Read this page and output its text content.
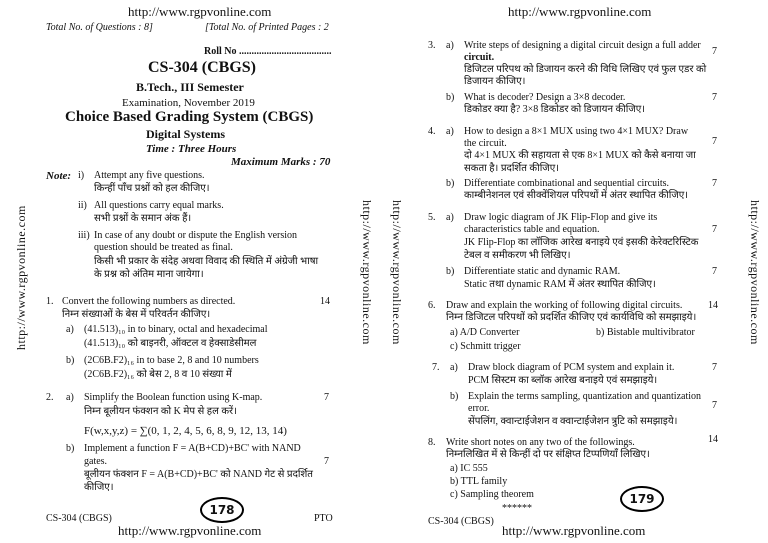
http://www.rgpvonline.com
Total No. of Questions : 8]	[Total No. of Printed Pages : 2
Roll No .....................................
CS-304 (CBGS)
B.Tech., III Semester
Examination, November 2019
Choice Based Grading System (CBGS)
Digital Systems
Time : Three Hours
Maximum Marks : 70
Note: i) Attempt any five questions.
किन्हीं पाँच प्रश्नों को हल कीजिए।
ii) All questions carry equal marks.
सभी प्रश्नों के समान अंक हैं।
iii) In case of any doubt or dispute the English version
question should be treated as final.
किसी भी प्रकार के संदेह अथवा विवाद की स्थिति में अंग्रेजी भाषा
के प्रश्न को अंतिम माना जायेगा।
1. Convert the following numbers as directed.	14
निम्न संख्याओं के बेस में परिवर्तन कीजिए।
a) (41.513)₁₀ in to binary, octal and hexadecimal
(41.513)₁₀ को बाइनरी, ऑक्टल व हेक्साडेसीमल
b) (2C6B.F2)₁₆ in to base 2, 8 and 10 numbers
(2C6B.F2)₁₆ को बेस 2, 8 व 10 संख्या में
2. a) Simplify the Boolean function using K-map.	7
निम्न बूलीयन फंक्शन को K मेप से हल करें।
F(w,x,y,z) = ∑(0, 1, 2, 4, 5, 6, 8, 9, 12, 13, 14)
b) Implement a function F = A(B+CD)+BC' with NAND
gates.	7
बूलीयन फंक्शन F = A(B+CD)+BC' को NAND गेट से प्रदर्शित
कीजिए।
178
CS-304 (CBGS)	PTO
http://www.rgpvonline.com
http://www.rgpvonline.com	http://www.rgpvonline.com
http://www.rgpvonline.com
3. a) Write steps of designing a digital circuit design a full adder
circuit.
7
डिजिटल परिपथ को डिजायन करने की विधि लिखिए एवं फुल एडर को
डिजायन कीजिए।
b) What is decoder? Design a 3×8 decoder.	7
डिकोडर क्या है? 3×8 डिकोडर को डिजायन कीजिए।
4. a) How to design a 8×1 MUX using two 4×1 MUX? Draw
the circuit.	7
दो 4×1 MUX की सहायता से एक 8×1 MUX को कैसे बनाया जा
सकता है। प्रदर्शित कीजिए।
b) Differentiate combinational and sequential circuits.	7
काम्बीनेशनल एवं सीक्वेंशियल परिपथों में अंतर स्थापित कीजिए।
5. a) Draw logic diagram of JK Flip-Flop and give its
characteristics table and equation.	7
JK Flip-Flop का लॉजिक आरेख बनाइये एवं इसकी केरेक्टरिस्टिक
टेबल व समीकरण भी लिखिए।
b) Differentiate static and dynamic RAM.	7
Static तथा dynamic RAM में अंतर स्थापित कीजिए।
6. Draw and explain the working of following digital circuits.	14
निम्न डिजिटल परिपथों को प्रदर्शित कीजिए एवं कार्यविधि को समझाइये।
a) A/D Converter	b) Bistable multivibrator
c) Schmitt trigger
7. a) Draw block diagram of PCM system and explain it.	7
PCM सिस्टम का ब्लॉक आरेख बनाइये एवं समझाइये।
b) Explain the terms sampling, quantization and quantization
error.	7
सेंपलिंग, क्वान्टाईजेशन व क्वान्टाईजेशन त्रुटि को समझाइये।
8. Write short notes on any two of the followings.	14
निम्नलिखित में से किन्हीं दो पर संक्षिप्त टिप्पणियाँ लिखिए।
a) IC 555
b) TTL family
c) Sampling theorem	179
******
CS-304 (CBGS)
http://www.rgpvonline.com
http://www.rgpvonline.com	http://www.rgpvonline.com
